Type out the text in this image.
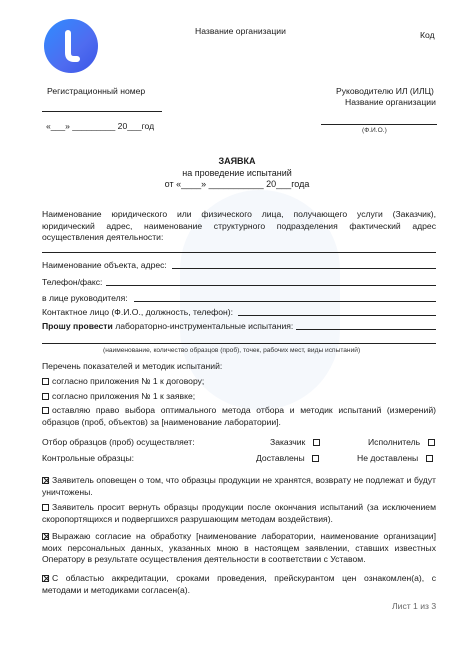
Название организации	Код
Регистрационный номер
«___» _________ 20___год
Руководителю ИЛ (ИЛЦ)
Название организации
(Ф.И.О.)
ЗАЯВКА
на проведение испытаний
от «____» ___________ 20___года
Наименование юридического или физического лица, получающего услуги (Заказчик), юридический адрес, наименование структурного подразделения фактический адрес осуществления деятельности:
Наименование объекта, адрес:
Телефон/факс:
в лице руководителя:
Контактное лицо (Ф.И.О., должность, телефон):
Прошу провести лабораторно-инструментальные испытания:
(наименование, количество образцов (проб), точек, рабочих мест, виды испытаний)
Перечень показателей и методик испытаний:
согласно приложения № 1 к договору;
согласно приложения № 1 к заявке;
оставляю право выбора оптимального метода отбора и методик испытаний (измерений) образцов (проб, объектов) за [наименование лаборатории].
Отбор образцов (проб) осуществляет:	Заказчик	Исполнитель
Контрольные образцы:	Доставлены	Не доставлены
Заявитель оповещен о том, что образцы продукции не хранятся, возврату не подлежат и будут уничтожены.
Заявитель просит вернуть образцы продукции после окончания испытаний (за исключением скоропортящихся и подвергшихся разрушающим методам воздействия).
Выражаю согласие на обработку [наименование лаборатории, наименование организации] моих персональных данных, указанных мною в настоящем заявлении, ставших известных Оператору в результате осуществления деятельности в соответствии с Уставом.
С областью аккредитации, сроками проведения, прейскурантом цен ознакомлен(а), с методами и методиками согласен(а).
Лист 1 из 3
